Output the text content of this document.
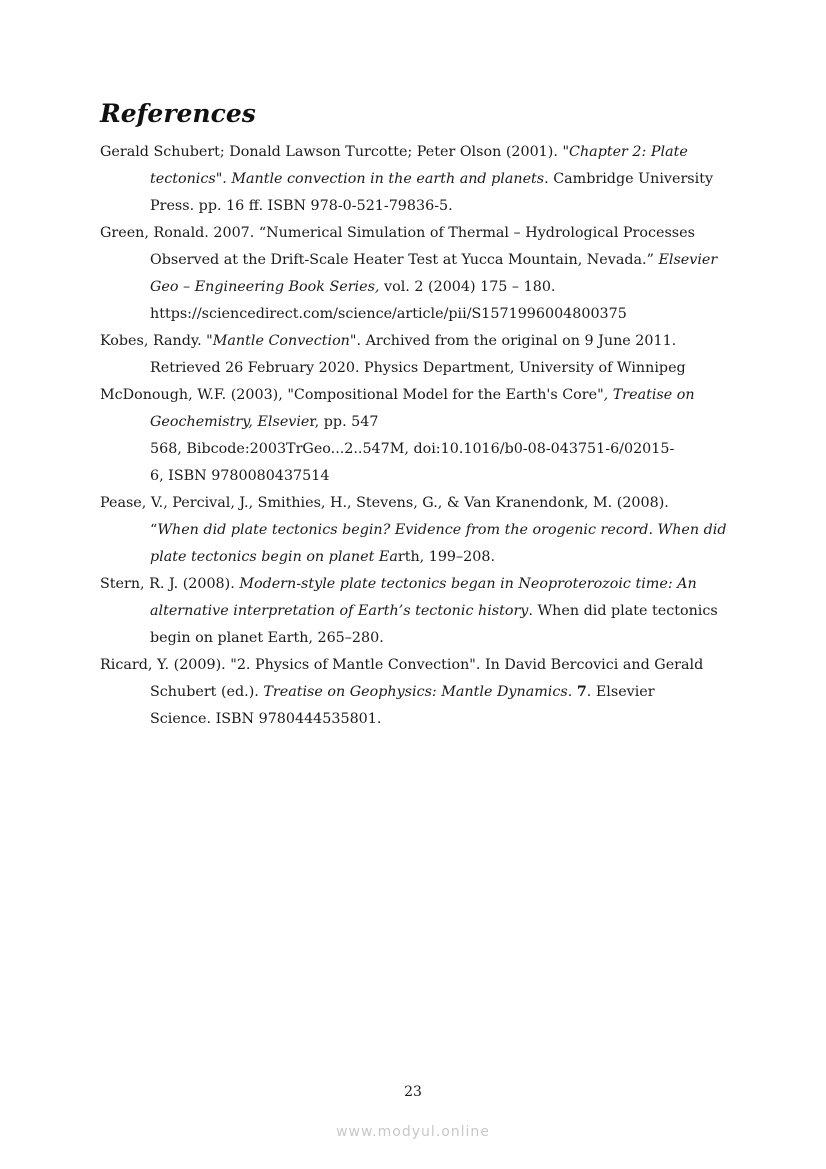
References
Gerald Schubert; Donald Lawson Turcotte; Peter Olson (2001). "Chapter 2: Plate
tectonics". Mantle convection in the earth and planets. Cambridge University
Press. pp. 16 ff. ISBN 978-0-521-79836-5.
Green, Ronald. 2007. “Numerical Simulation of Thermal – Hydrological Processes
Observed at the Drift-Scale Heater Test at Yucca Mountain, Nevada.” Elsevier
Geo – Engineering Book Series, vol. 2 (2004) 175 – 180.
https://sciencedirect.com/science/article/pii/S1571996004800375
Kobes, Randy. "Mantle Convection". Archived from the original on 9 June 2011.
Retrieved 26 February 2020. Physics Department, University of Winnipeg
McDonough, W.F. (2003), "Compositional Model for the Earth's Core", Treatise on
Geochemistry, Elsevier, pp. 547
568, Bibcode:2003TrGeo...2..547M, doi:10.1016/b0-08-043751-6/02015-
6, ISBN 9780080437514
Pease, V., Percival, J., Smithies, H., Stevens, G., & Van Kranendonk, M. (2008).
“When did plate tectonics begin? Evidence from the orogenic record. When did
plate tectonics begin on planet Earth, 199–208.
Stern, R. J. (2008). Modern-style plate tectonics began in Neoproterozoic time: An
alternative interpretation of Earth’s tectonic history. When did plate tectonics
begin on planet Earth, 265–280.
Ricard, Y. (2009). "2. Physics of Mantle Convection". In David Bercovici and Gerald
Schubert (ed.). Treatise on Geophysics: Mantle Dynamics. 7. Elsevier
Science. ISBN 9780444535801.
23
www.modyul.online
